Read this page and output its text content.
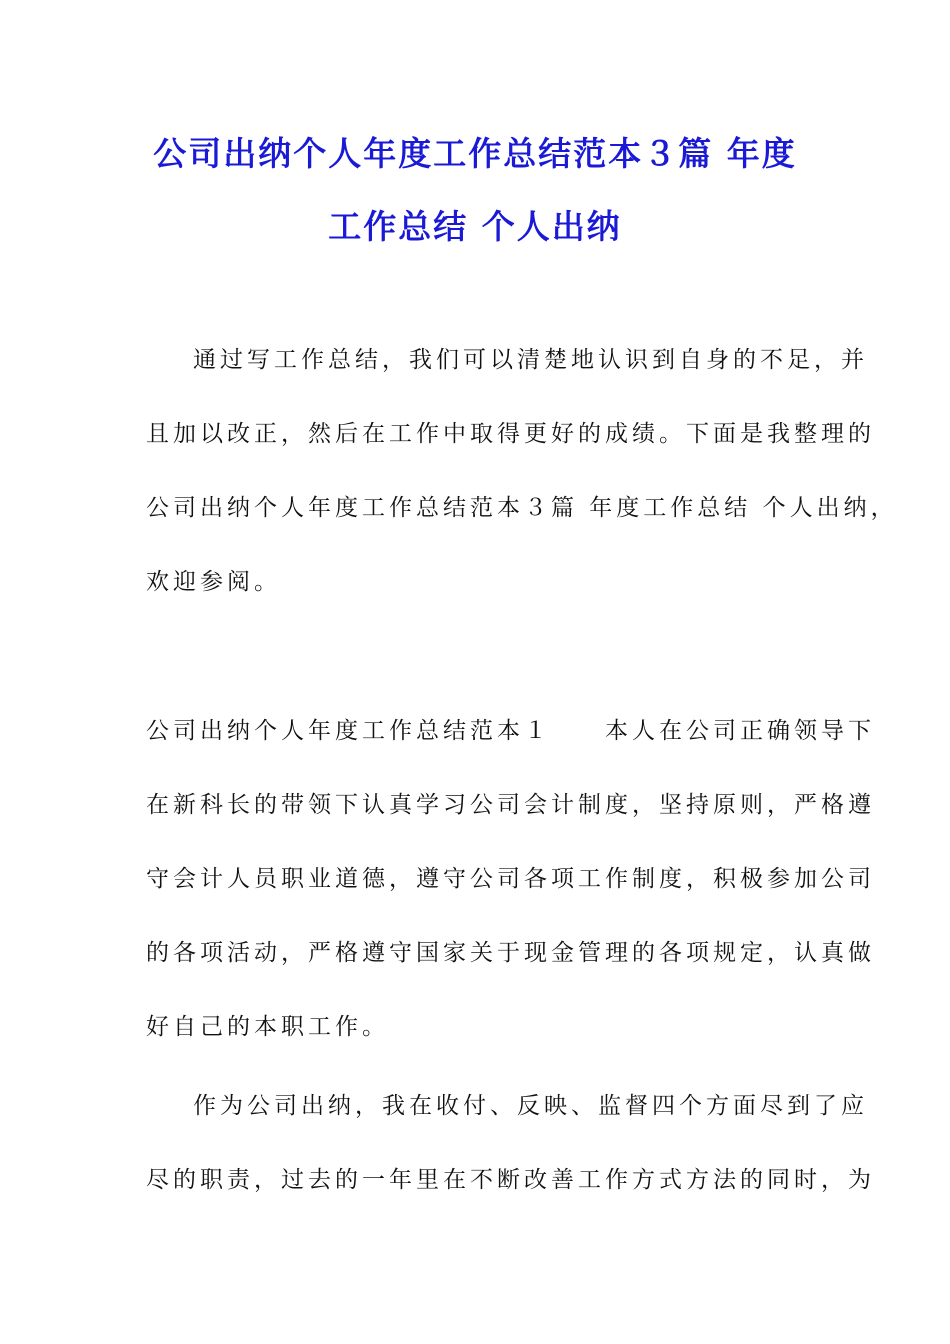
公司出纳个人年度工作总结范本３篇 年度
工作总结 个人出纳
通过写工作总结，我们可以清楚地认识到自身的不足，并
且加以改正，然后在工作中取得更好的成绩。下面是我整理的
公司出纳个人年度工作总结范本３篇 年度工作总结 个人出纳，
欢迎参阅。
公司出纳个人年度工作总结范本１　　本人在公司正确领导下
在新科长的带领下认真学习公司会计制度，坚持原则，严格遵
守会计人员职业道德，遵守公司各项工作制度，积极参加公司
的各项活动，严格遵守国家关于现金管理的各项规定，认真做
好自己的本职工作。
作为公司出纳，我在收付、反映、监督四个方面尽到了应
尽的职责，过去的一年里在不断改善工作方式方法的同时，为
